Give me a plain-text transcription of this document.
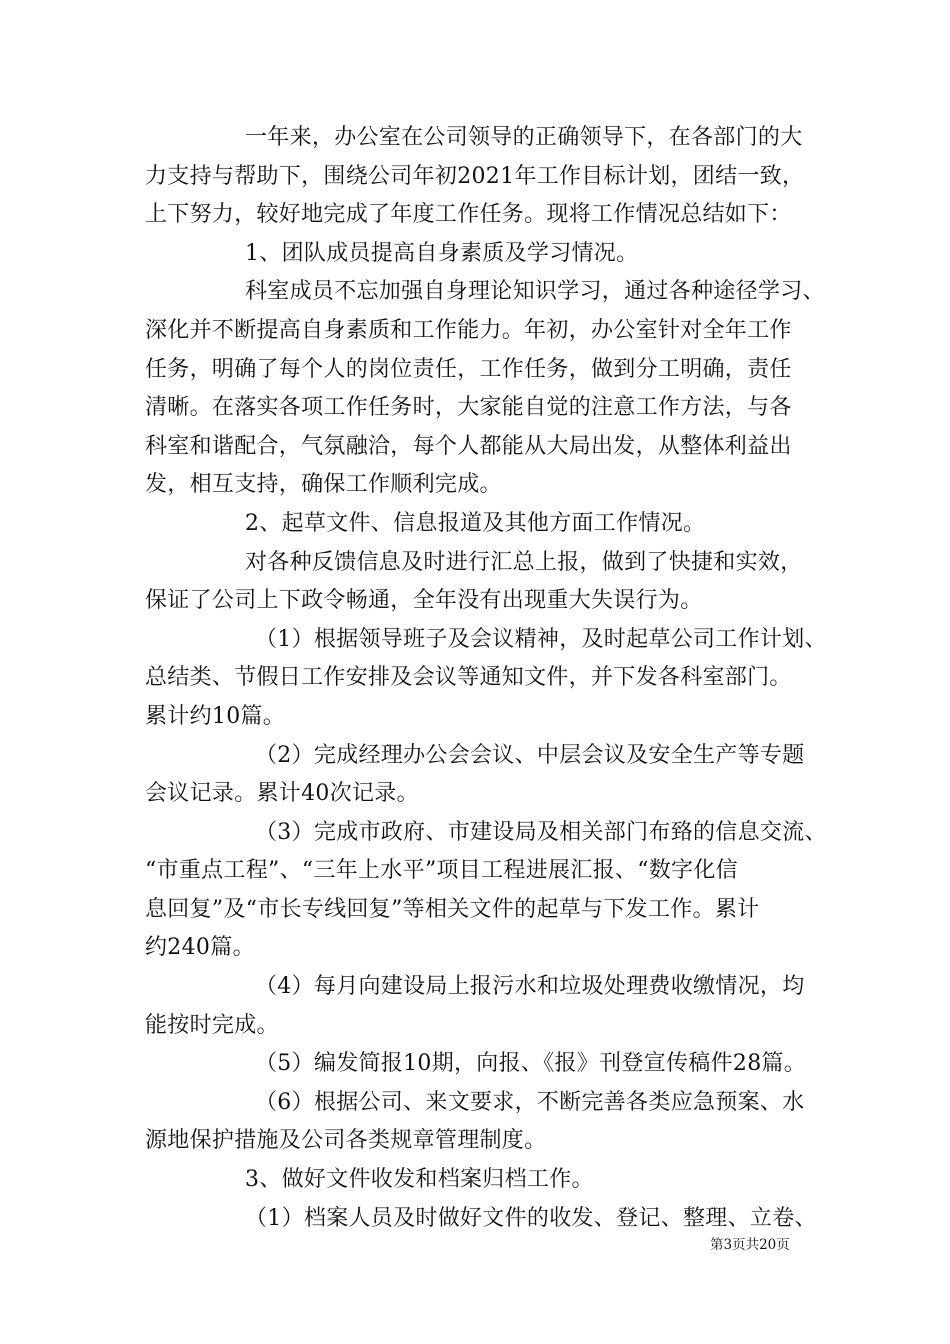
一年来，办公室在公司领导的正确领导下，在各部门的大
力支持与帮助下，围绕公司年初2021年工作目标计划，团结一致，
上下努力，较好地完成了年度工作任务。现将工作情况总结如下：
1、团队成员提高自身素质及学习情况。
科室成员不忘加强自身理论知识学习，通过各种途径学习、
深化并不断提高自身素质和工作能力。年初，办公室针对全年工作
任务，明确了每个人的岗位责任，工作任务，做到分工明确，责任
清晰。在落实各项工作任务时，大家能自觉的注意工作方法，与各
科室和谐配合，气氛融洽，每个人都能从大局出发，从整体利益出
发，相互支持，确保工作顺利完成。
2、起草文件、信息报道及其他方面工作情况。
对各种反馈信息及时进行汇总上报，做到了快捷和实效，
保证了公司上下政令畅通，全年没有出现重大失误行为。
（1）根据领导班子及会议精神，及时起草公司工作计划、
总结类、节假日工作安排及会议等通知文件，并下发各科室部门。
累计约10篇。
（2）完成经理办公会会议、中层会议及安全生产等专题
会议记录。累计40次记录。
（3）完成市政府、市建设局及相关部门布臵的信息交流、
“市重点工程”、“三年上水平”项目工程进展汇报、“数字化信
息回复”及“市长专线回复”等相关文件的起草与下发工作。累计
约240篇。
（4）每月向建设局上报污水和垃圾处理费收缴情况，均
能按时完成。
（5）编发简报10期，向报、《报》刊登宣传稿件28篇。
（6）根据公司、来文要求，不断完善各类应急预案、水
源地保护措施及公司各类规章管理制度。
3、做好文件收发和档案归档工作。
（1）档案人员及时做好文件的收发、登记、整理、立卷、
第3页共20页
